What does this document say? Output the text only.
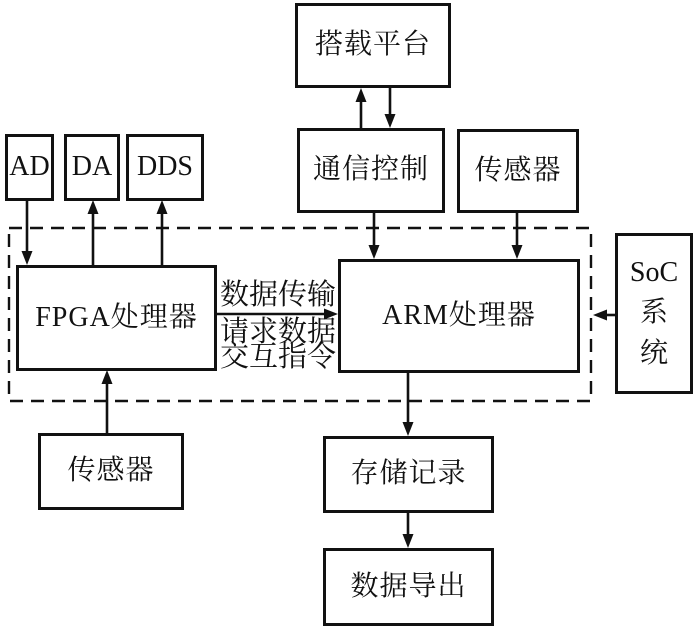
搭载平台
通信控制	传感器
AD DA DDS
FPGA处理器	ARM处理器
SoC
系
统
传感器	存储记录
数据导出
数据传输
请求数据
交互指令
